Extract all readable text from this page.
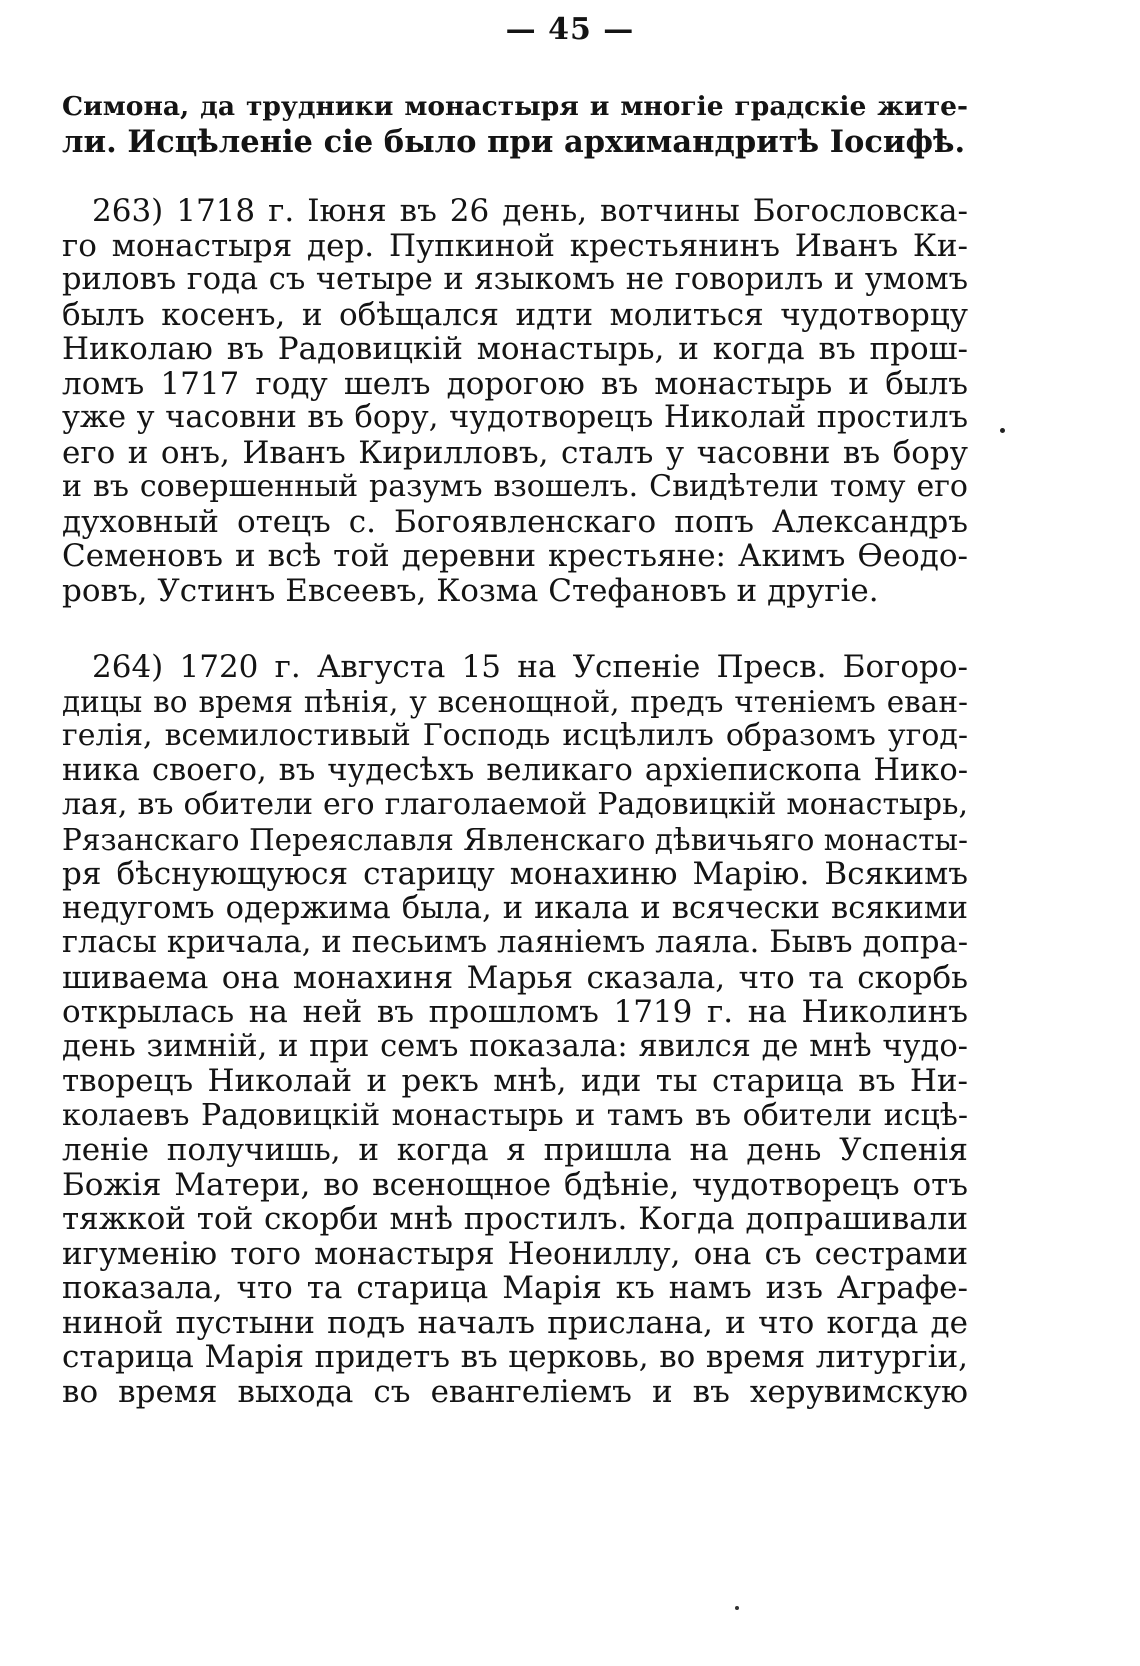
— 45 —
Симона, да трудники монастыря и многіе градскіе жите-
ли. Исцѣленіе сіе было при архимандритѣ Іосифѣ.
263) 1718 г. Іюня въ 26 день, вотчины Богословска-
го монастыря дер. Пупкиной крестьянинъ Иванъ Ки-
риловъ года съ четыре и языкомъ не говорилъ и умомъ
былъ косенъ, и обѣщался идти молиться чудотворцу
Николаю въ Радовицкій монастырь, и когда въ прош-
ломъ 1717 году шелъ дорогою въ монастырь и былъ
уже у часовни въ бору, чудотворецъ Николай простилъ
его и онъ, Иванъ Кирилловъ, сталъ у часовни въ бору
и въ совершенный разумъ взошелъ. Свидѣтели тому его
духовный отецъ с. Богоявленскаго попъ Александръ
Семеновъ и всѣ той деревни крестьяне: Акимъ Ѳеодо-
ровъ, Устинъ Евсеевъ, Козма Стефановъ и другіе.
264) 1720 г. Августа 15 на Успеніе Пресв. Богоро-
дицы во время пѣнія, у всенощной, предъ чтеніемъ еван-
гелія, всемилостивый Господь исцѣлилъ образомъ угод-
ника своего, въ чудесѣхъ великаго архіепископа Нико-
лая, въ обители его глаголаемой Радовицкій монастырь,
Рязанскаго Переяславля Явленскаго дѣвичьяго монасты-
ря бѣснующуюся старицу монахиню Марію. Всякимъ
недугомъ одержима была, и икала и всячески всякими
гласы кричала, и песьимъ лаяніемъ лаяла. Бывъ допра-
шиваема она монахиня Марья сказала, что та скорбь
открылась на ней въ прошломъ 1719 г. на Николинъ
день зимній, и при семъ показала: явился де мнѣ чудо-
творецъ Николай и рекъ мнѣ, иди ты старица въ Ни-
колаевъ Радовицкій монастырь и тамъ въ обители исцѣ-
леніе получишь, и когда я пришла на день Успенія
Божія Матери, во всенощное бдѣніе, чудотворецъ отъ
тяжкой той скорби мнѣ простилъ. Когда допрашивали
игуменію того монастыря Неониллу, она съ сестрами
показала, что та старица Марія къ намъ изъ Аграфе-
ниной пустыни подъ началъ присланa, и что когда де
старица Марія придетъ въ церковь, во время литургіи,
во время выхода съ евангеліемъ и въ херувимскую
